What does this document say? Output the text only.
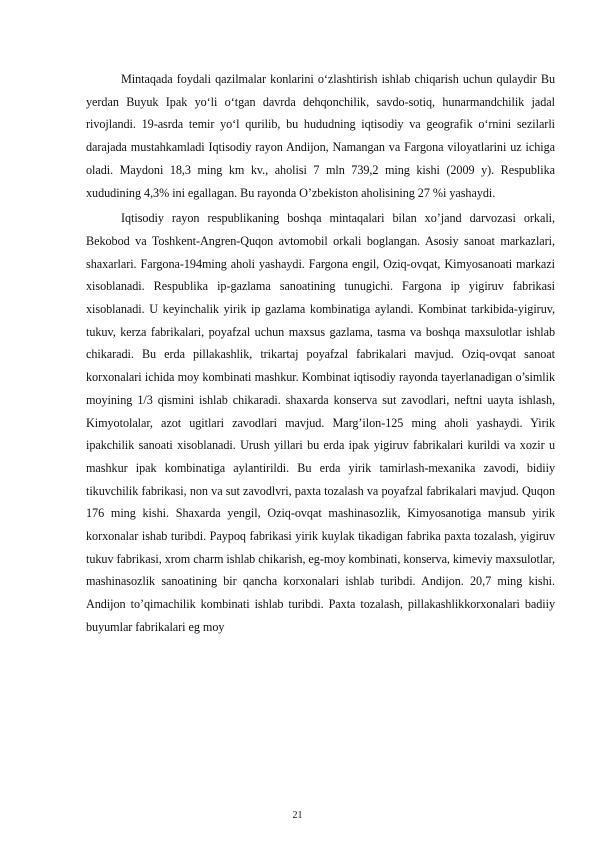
Mintaqada foydali qazilmalar konlarini o‘zlashtirish ishlab chiqarish uchun qulaydir Bu yerdan Buyuk Ipak yo‘li o‘tgan davrda dehqonchilik, savdo-sotiq, hunarmandchilik jadal rivojlandi. 19-asrda temir yo‘l qurilib, bu hududning iqtisodiy va geografik o‘rnini sezilarli darajada mustahkamladi Iqtisodiy rayon Andijon, Namangan va Fargona viloyatlarini uz ichiga oladi. Maydoni 18,3 ming km kv., aholisi 7 mln 739,2 ming kishi (2009 y). Respublika xududining 4,3% ini egallagan. Bu rayonda O’zbekiston aholisining 27 %i yashaydi.

Iqtisodiy rayon respublikaning boshqa mintaqalari bilan xo’jand darvozasi orkali, Bekobod va Toshkent-Angren-Quqon avtomobil orkali boglangan. Asosiy sanoat markazlari, shaxarlari. Fargona-194ming aholi yashaydi. Fargona engil, Oziq-ovqat, Kimyosanoati markazi xisoblanadi. Respublika ip-gazlama sanoatining tunugichi. Fargona ip yigiruv fabrikasi xisoblanadi. U keyinchalik yirik ip gazlama kombinatiga aylandi. Kombinat tarkibida-yigiruv, tukuv, kerza fabrikalari, poyafzal uchun maxsus gazlama, tasma va boshqa maxsulotlar ishlab chikaradi. Bu erda pillakashlik, trikartaj poyafzal fabrikalari mavjud. Oziq-ovqat sanoat korxonalari ichida moy kombinati mashkur. Kombinat iqtisodiy rayonda tayerlanadigan o’simlik moyining 1/3 qismini ishlab chikaradi. shaxarda konserva sut zavodlari, neftni uayta ishlash, Kimyotolalar, azot ugitlari zavodlari mavjud. Marg’ilon-125 ming aholi yashaydi. Yirik ipakchilik sanoati xisoblanadi. Urush yillari bu erda ipak yigiruv fabrikalari kurildi va xozir u mashkur ipak kombinatiga aylantirildi. Bu erda yirik tamirlash-mexanika zavodi, bidiiy tikuvchilik fabrikasi, non va sut zavodlvri, paxta tozalash va poyafzal fabrikalari mavjud. Quqon 176 ming kishi. Shaxarda yengil, Oziq-ovqat mashinasozlik, Kimyosanotiga mansub yirik korxonalar ishab turibdi. Paypoq fabrikasi yirik kuylak tikadigan fabrika paxta tozalash, yigiruv tukuv fabrikasi, xrom charm ishlab chikarish, eg-moy kombinati, konserva, kimeviy maxsulotlar, mashinasozlik sanoatining bir qancha korxonalari ishlab turibdi. Andijon. 20,7 ming kishi. Andijon to’qimachilik kombinati ishlab turibdi. Paxta tozalash, pillakashlikkorxonalari badiiy buyumlar fabrikalari eg moy

21
